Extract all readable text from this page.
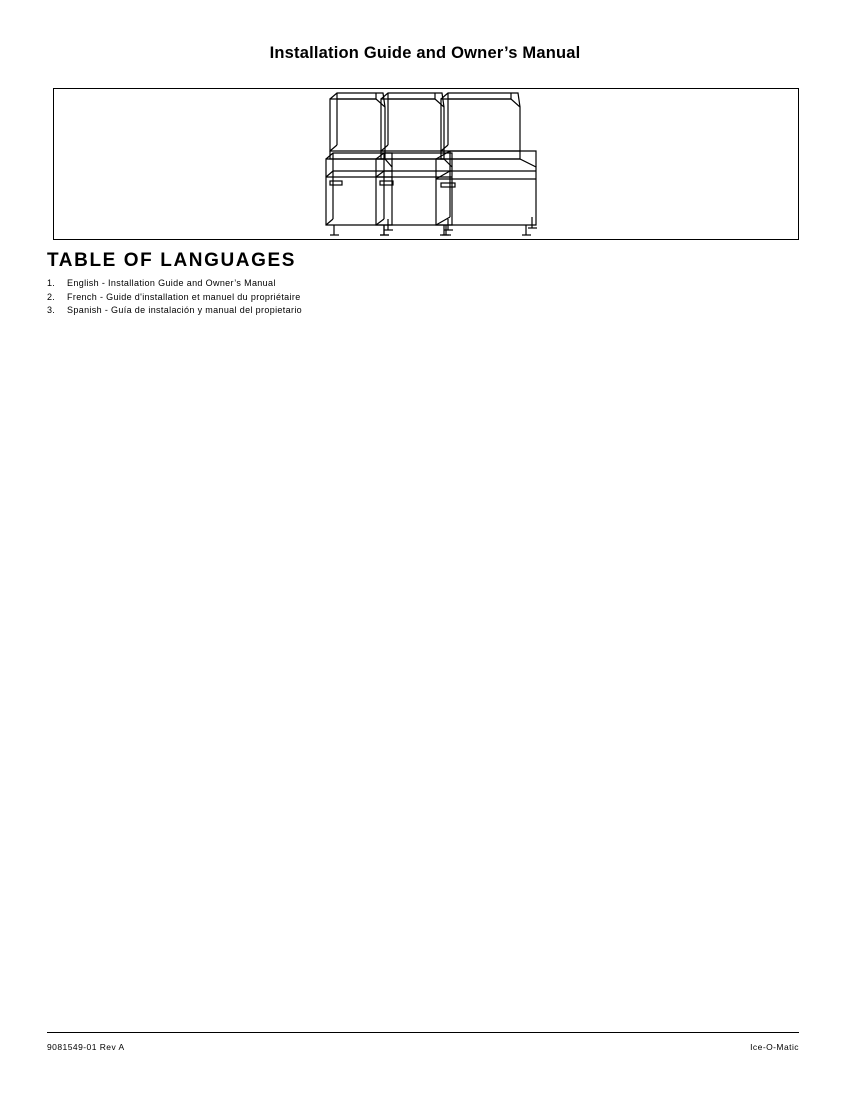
Installation Guide and Owner’s Manual
TABLE OF LANGUAGES
1.	English - Installation Guide and Owner’s Manual
2.	French - Guide d'installation et manuel du propriétaire
3.	Spanish - Guía de instalación y manual del propietario
9081549-01 Rev A	Ice-O-Matic
